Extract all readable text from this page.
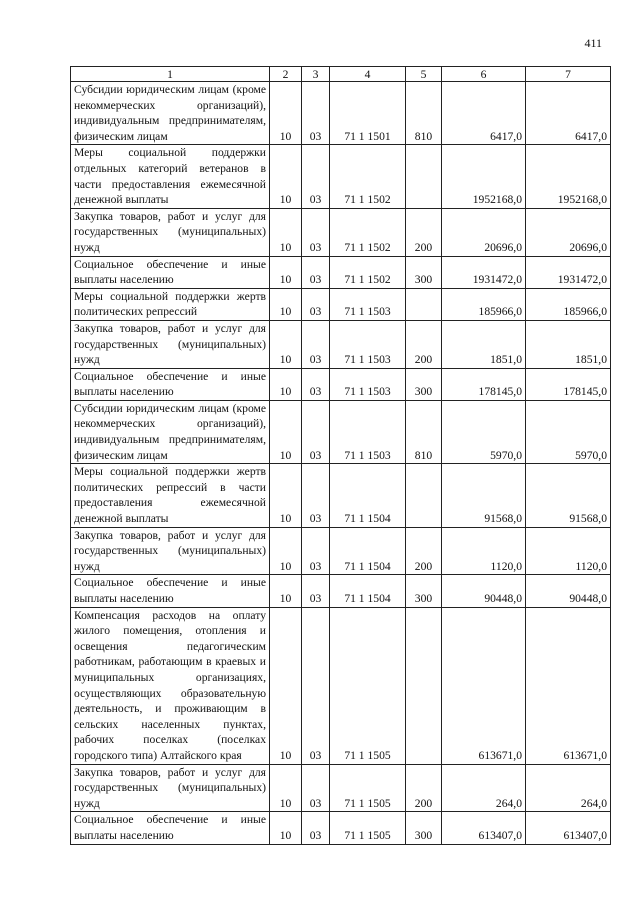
411
1	2	3	4	5	6	7
Субсидии юридическим лицам (кроме некоммерческих организаций), индивидуальным предпринимателям, физическим лицам	10	03	71 1 1501	810	6417,0	6417,0
Меры социальной поддержки отдельных категорий ветеранов в части предоставления ежемесячной денежной выплаты	10	03	71 1 1502		1952168,0	1952168,0
Закупка товаров, работ и услуг для государственных (муниципальных) нужд	10	03	71 1 1502	200	20696,0	20696,0
Социальное обеспечение и иные выплаты населению	10	03	71 1 1502	300	1931472,0	1931472,0
Меры социальной поддержки жертв политических репрессий	10	03	71 1 1503		185966,0	185966,0
Закупка товаров, работ и услуг для государственных (муниципальных) нужд	10	03	71 1 1503	200	1851,0	1851,0
Социальное обеспечение и иные выплаты населению	10	03	71 1 1503	300	178145,0	178145,0
Субсидии юридическим лицам (кроме некоммерческих организаций), индивидуальным предпринимателям, физическим лицам	10	03	71 1 1503	810	5970,0	5970,0
Меры социальной поддержки жертв политических репрессий в части предоставления ежемесячной денежной выплаты	10	03	71 1 1504		91568,0	91568,0
Закупка товаров, работ и услуг для государственных (муниципальных) нужд	10	03	71 1 1504	200	1120,0	1120,0
Социальное обеспечение и иные выплаты населению	10	03	71 1 1504	300	90448,0	90448,0
Компенсация расходов на оплату жилого помещения, отопления и освещения педагогическим работникам, работающим в краевых и муниципальных организациях, осуществляющих образовательную деятельность, и проживающим в сельских населенных пунктах, рабочих поселках (поселках городского типа) Алтайского края	10	03	71 1 1505		613671,0	613671,0
Закупка товаров, работ и услуг для государственных (муниципальных) нужд	10	03	71 1 1505	200	264,0	264,0
Социальное обеспечение и иные выплаты населению	10	03	71 1 1505	300	613407,0	613407,0
